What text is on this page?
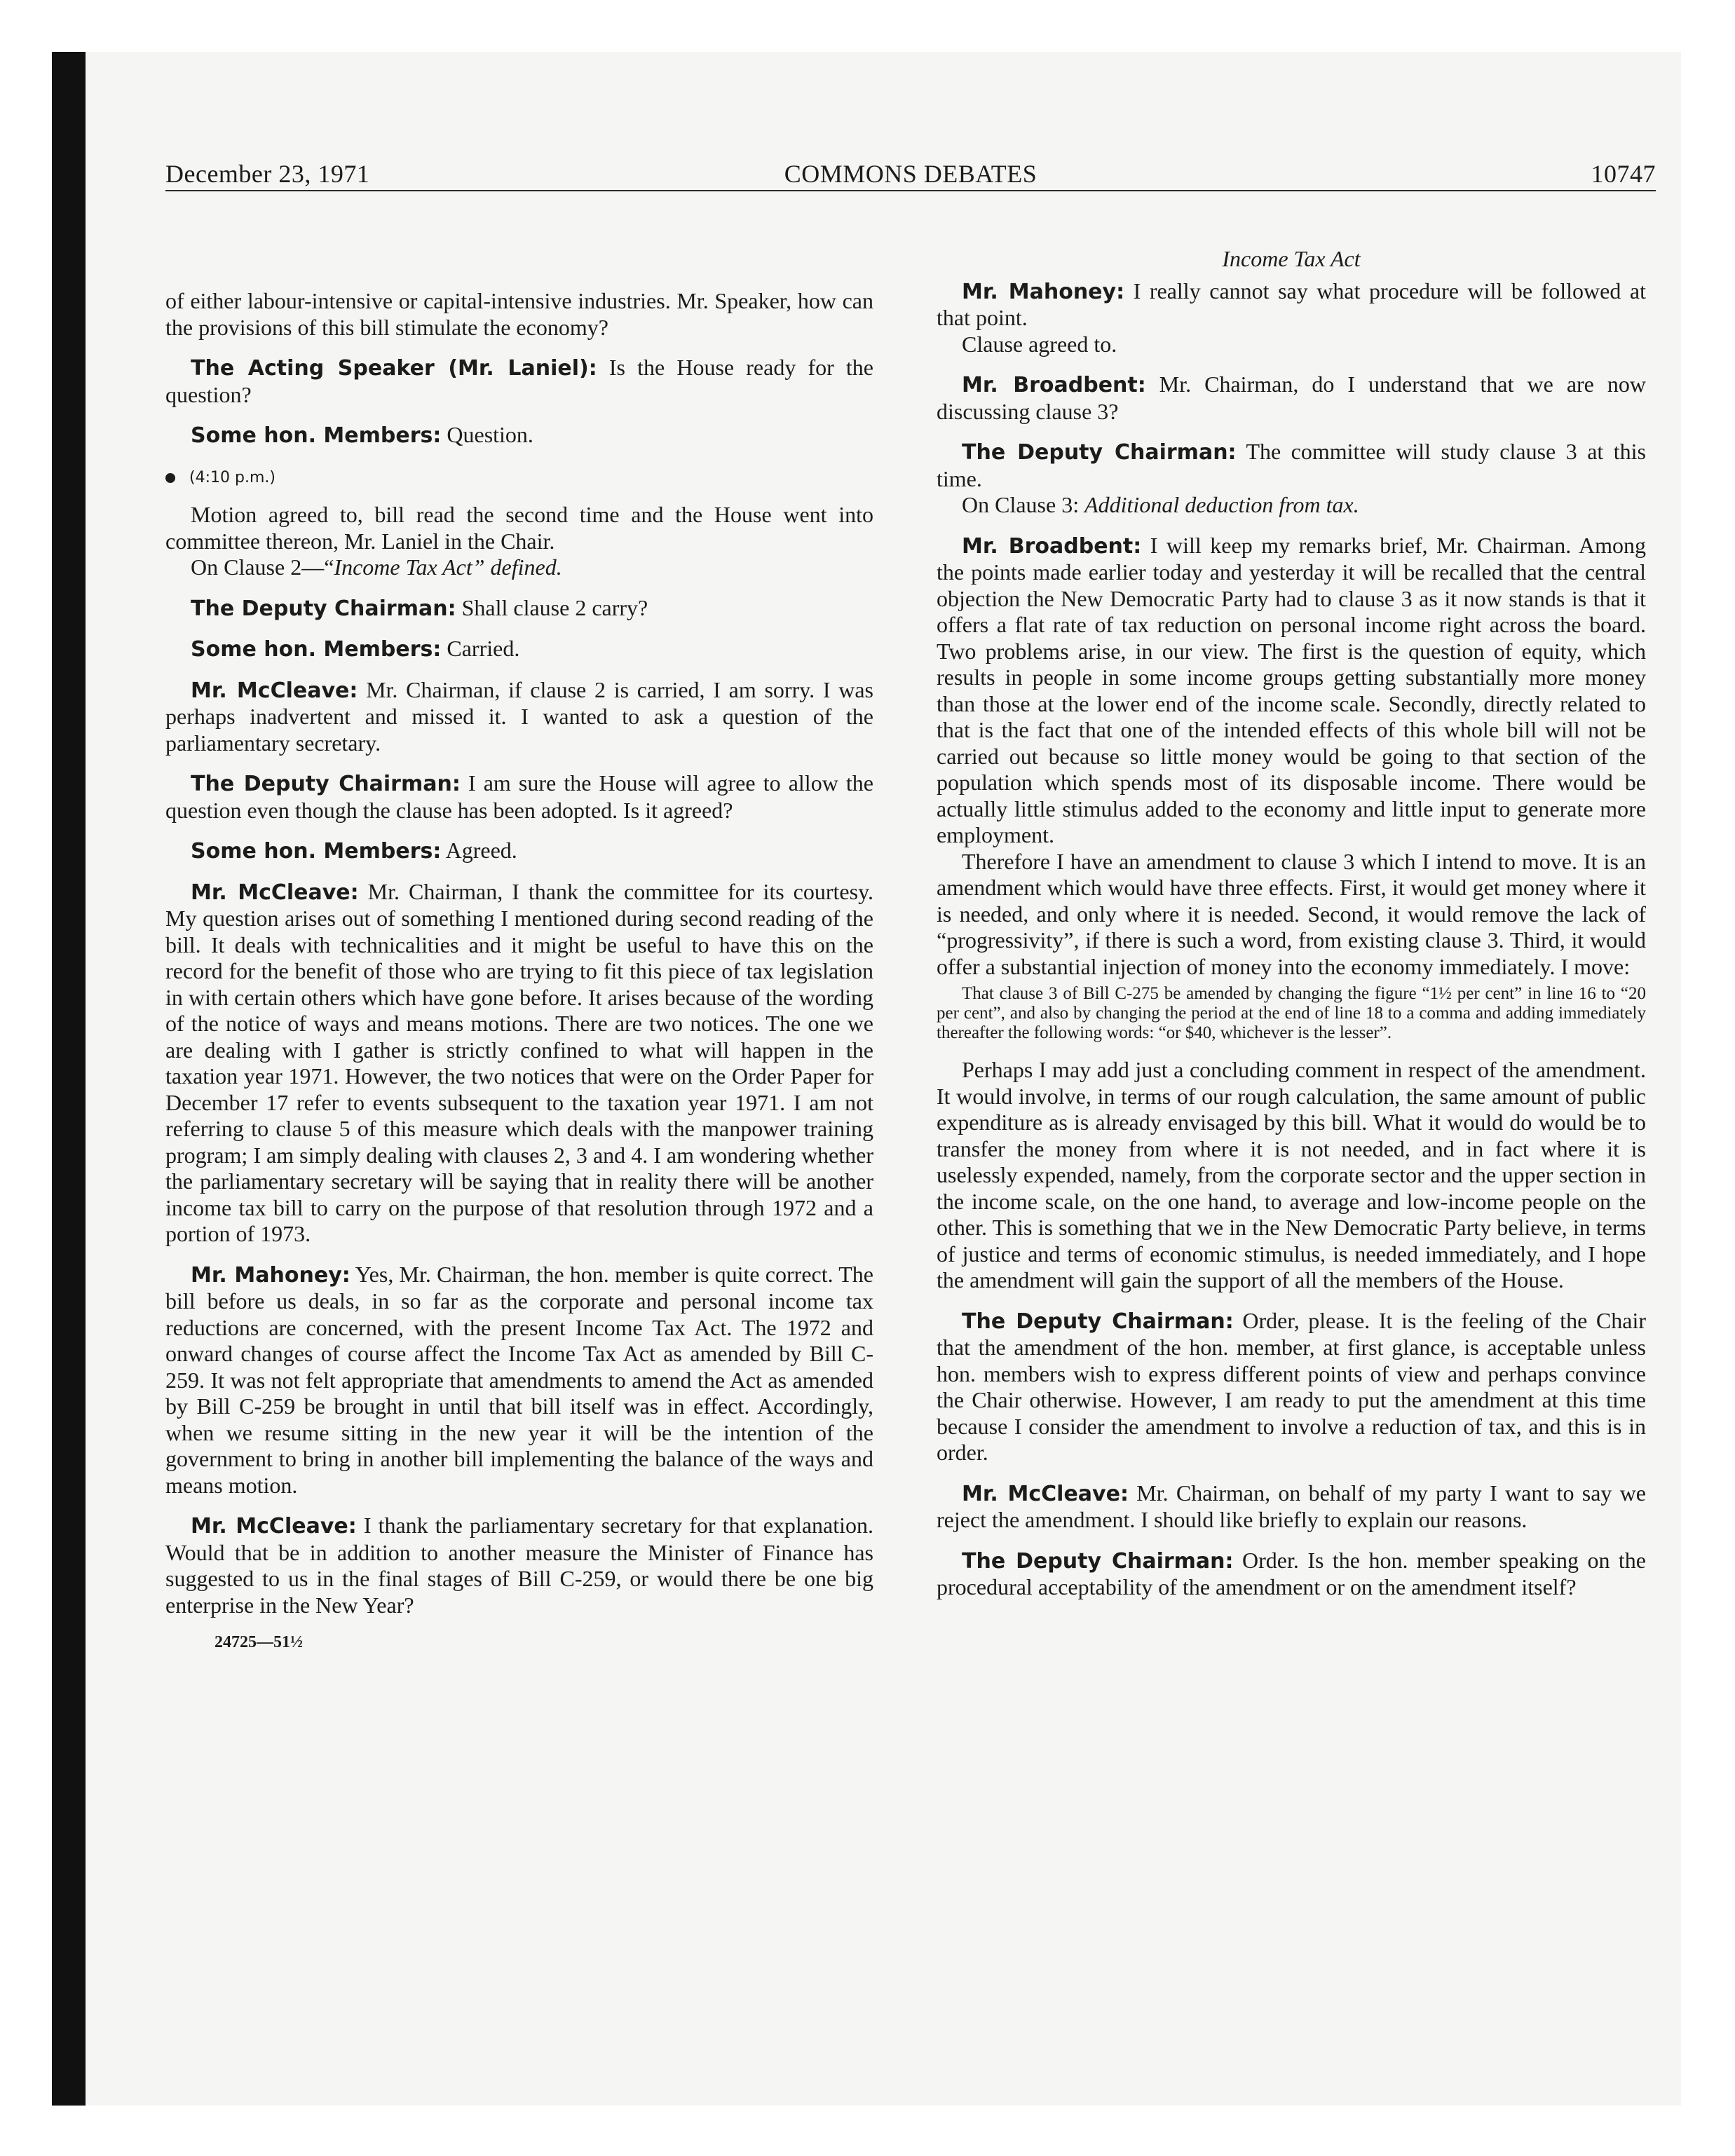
December 23, 1971	COMMONS DEBATES	10747

of either labour-intensive or capital-intensive industries. Mr. Speaker, how can the provisions of this bill stimulate the economy?

The Acting Speaker (Mr. Laniel): Is the House ready for the question?

Some hon. Members: Question.

(4:10 p.m.)

Motion agreed to, bill read the second time and the House went into committee thereon, Mr. Laniel in the Chair.

On Clause 2—“Income Tax Act” defined.

The Deputy Chairman: Shall clause 2 carry?

Some hon. Members: Carried.

Mr. McCleave: Mr. Chairman, if clause 2 is carried, I am sorry. I was perhaps inadvertent and missed it. I wanted to ask a question of the parliamentary secretary.

The Deputy Chairman: I am sure the House will agree to allow the question even though the clause has been adopted. Is it agreed?

Some hon. Members: Agreed.

Mr. McCleave: Mr. Chairman, I thank the committee for its courtesy. My question arises out of something I mentioned during second reading of the bill. It deals with technicalities and it might be useful to have this on the record for the benefit of those who are trying to fit this piece of tax legislation in with certain others which have gone before. It arises because of the wording of the notice of ways and means motions. There are two notices. The one we are dealing with I gather is strictly confined to what will happen in the taxation year 1971. However, the two notices that were on the Order Paper for December 17 refer to events subsequent to the taxation year 1971. I am not referring to clause 5 of this measure which deals with the manpower training program; I am simply dealing with clauses 2, 3 and 4. I am wondering whether the parliamentary secretary will be saying that in reality there will be another income tax bill to carry on the purpose of that resolution through 1972 and a portion of 1973.

Mr. Mahoney: Yes, Mr. Chairman, the hon. member is quite correct. The bill before us deals, in so far as the corporate and personal income tax reductions are concerned, with the present Income Tax Act. The 1972 and onward changes of course affect the Income Tax Act as amended by Bill C-259. It was not felt appropriate that amendments to amend the Act as amended by Bill C-259 be brought in until that bill itself was in effect. Accordingly, when we resume sitting in the new year it will be the intention of the government to bring in another bill implementing the balance of the ways and means motion.

Mr. McCleave: I thank the parliamentary secretary for that explanation. Would that be in addition to another measure the Minister of Finance has suggested to us in the final stages of Bill C-259, or would there be one big enterprise in the New Year?

24725—51½

Income Tax Act

Mr. Mahoney: I really cannot say what procedure will be followed at that point.

Clause agreed to.

Mr. Broadbent: Mr. Chairman, do I understand that we are now discussing clause 3?

The Deputy Chairman: The committee will study clause 3 at this time.

On Clause 3: Additional deduction from tax.

Mr. Broadbent: I will keep my remarks brief, Mr. Chairman. Among the points made earlier today and yesterday it will be recalled that the central objection the New Democratic Party had to clause 3 as it now stands is that it offers a flat rate of tax reduction on personal income right across the board. Two problems arise, in our view. The first is the question of equity, which results in people in some income groups getting substantially more money than those at the lower end of the income scale. Secondly, directly related to that is the fact that one of the intended effects of this whole bill will not be carried out because so little money would be going to that section of the population which spends most of its disposable income. There would be actually little stimulus added to the economy and little input to generate more employment.

Therefore I have an amendment to clause 3 which I intend to move. It is an amendment which would have three effects. First, it would get money where it is needed, and only where it is needed. Second, it would remove the lack of “progressivity”, if there is such a word, from existing clause 3. Third, it would offer a substantial injection of money into the economy immediately. I move:

That clause 3 of Bill C-275 be amended by changing the figure “1½ per cent” in line 16 to “20 per cent”, and also by changing the period at the end of line 18 to a comma and adding immediately thereafter the following words: “or $40, whichever is the lesser”.

Perhaps I may add just a concluding comment in respect of the amendment. It would involve, in terms of our rough calculation, the same amount of public expenditure as is already envisaged by this bill. What it would do would be to transfer the money from where it is not needed, and in fact where it is uselessly expended, namely, from the corporate sector and the upper section in the income scale, on the one hand, to average and low-income people on the other. This is something that we in the New Democratic Party believe, in terms of justice and terms of economic stimulus, is needed immediately, and I hope the amendment will gain the support of all the members of the House.

The Deputy Chairman: Order, please. It is the feeling of the Chair that the amendment of the hon. member, at first glance, is acceptable unless hon. members wish to express different points of view and perhaps convince the Chair otherwise. However, I am ready to put the amendment at this time because I consider the amendment to involve a reduction of tax, and this is in order.

Mr. McCleave: Mr. Chairman, on behalf of my party I want to say we reject the amendment. I should like briefly to explain our reasons.

The Deputy Chairman: Order. Is the hon. member speaking on the procedural acceptability of the amendment or on the amendment itself?
